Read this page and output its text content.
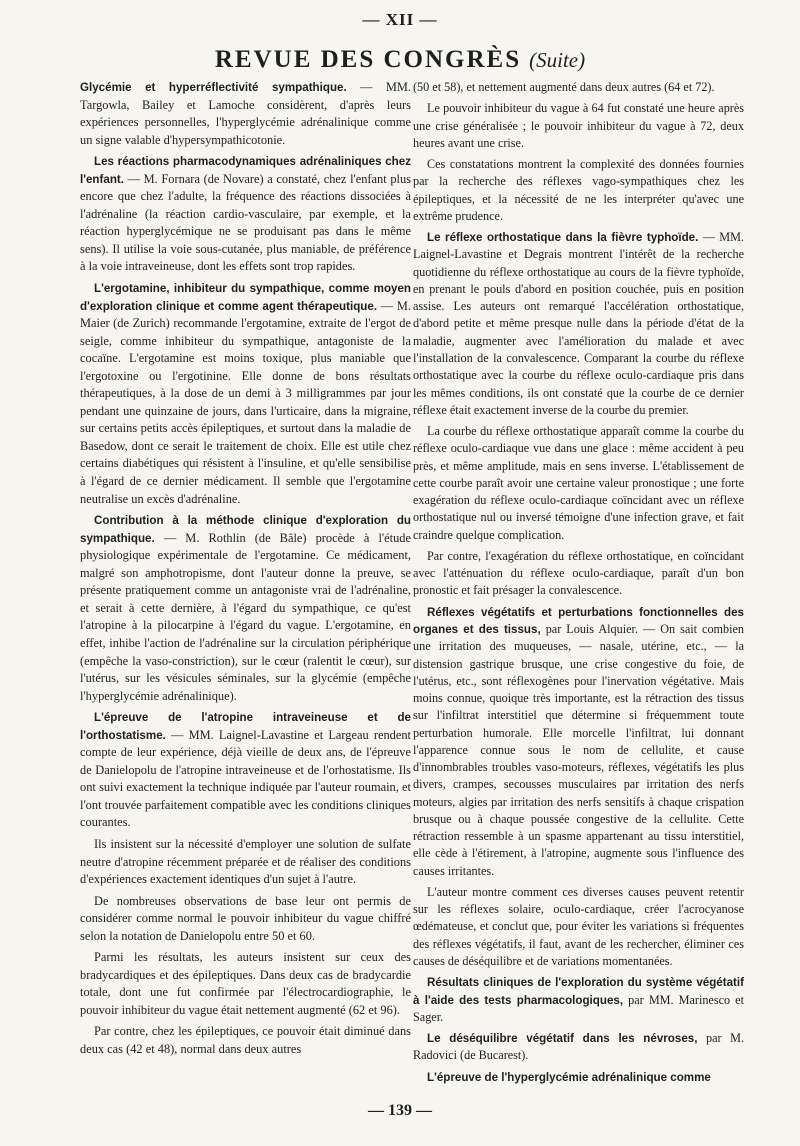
— XII —
REVUE DES CONGRÈS (Suite)

Glycémie et hyperréflectivité sympathique. — MM. Targowla, Bailey et Lamoche considèrent, d'après leurs expériences personnelles, l'hyperglycémie adrénalinique comme un signe valable d'hypersympathicotonie.

Les réactions pharmacodynamiques adrénaliniques chez l'enfant. — M. Fornara (de Novare) a constaté, chez l'enfant plus encore que chez l'adulte, la fréquence des réactions dissociées à l'adrénaline (la réaction cardio-vasculaire, par exemple, et la réaction hyperglycémique ne se produisant pas dans le même sens). Il utilise la voie sous-cutanée, plus maniable, de préférence à la voie intraveineuse, dont les effets sont trop rapides.

L'ergotamine, inhibiteur du sympathique, comme moyen d'exploration clinique et comme agent thérapeutique. — M. Maier (de Zurich) recommande l'ergotamine, extraite de l'ergot de seigle, comme inhibiteur du sympathique, antagoniste de la cocaïne. L'ergotamine est moins toxique, plus maniable que l'ergotoxine ou l'ergotinine. Elle donne de bons résultats thérapeutiques, à la dose de un demi à 3 milligrammes par jour pendant une quinzaine de jours, dans l'urticaire, dans la migraine, sur certains petits accès épileptiques, et surtout dans la maladie de Basedow, dont ce serait le traitement de choix. Elle est utile chez certains diabétiques qui résistent à l'insuline, et qu'elle sensibilise à l'égard de ce dernier médicament. Il semble que l'ergotamine neutralise un excès d'adrénaline.

Contribution à la méthode clinique d'exploration du sympathique. — M. Rothlin (de Bâle) procède à l'étude physiologique expérimentale de l'ergotamine. Ce médicament, malgré son amphotropisme, dont l'auteur donne la preuve, se présente pratiquement comme un antagoniste vrai de l'adrénaline, et serait à cette dernière, à l'égard du sympathique, ce qu'est l'atropine à la pilocarpine à l'égard du vague. L'ergotamine, en effet, inhibe l'action de l'adrénaline sur la circulation périphérique (empêche la vaso-constriction), sur le cœur (ralentit le cœur), sur l'utérus, sur les vésicules séminales, sur la glycémie (empêche l'hyperglycémie adrénalinique).

L'épreuve de l'atropine intraveineuse et de l'orthostatisme. — MM. Laignel-Lavastine et Largeau rendent compte de leur expérience, déjà vieille de deux ans, de l'épreuve de Danielopolu de l'atropine intraveineuse et de l'orhostatisme. Ils ont suivi exactement la technique indiquée par l'auteur roumain, et l'ont trouvée parfaitement compatible avec les conditions cliniques courantes.

Ils insistent sur la nécessité d'employer une solution de sulfate neutre d'atropine récemment préparée et de réaliser des conditions d'expériences exactement identiques d'un sujet à l'autre.

De nombreuses observations de base leur ont permis de considérer comme normal le pouvoir inhibiteur du vague chiffré selon la notation de Danielopolu entre 50 et 60.

Parmi les résultats, les auteurs insistent sur ceux des bradycardiques et des épileptiques. Dans deux cas de bradycardie totale, dont une fut confirmée par l'électrocardiographie, le pouvoir inhibiteur du vague était nettement augmenté (62 et 96).

Par contre, chez les épileptiques, ce pouvoir était diminué dans deux cas (42 et 48), normal dans deux autres

(50 et 58), et nettement augmenté dans deux autres (64 et 72).

Le pouvoir inhibiteur du vague à 64 fut constaté une heure après une crise généralisée ; le pouvoir inhibiteur du vague à 72, deux heures avant une crise.

Ces constatations montrent la complexité des données fournies par la recherche des réflexes vago-sympathiques chez les épileptiques, et la nécessité de ne les interpréter qu'avec une extrême prudence.

Le réflexe orthostatique dans la fièvre typhoïde. — MM. Laignel-Lavastine et Degrais montrent l'intérêt de la recherche quotidienne du réflexe orthostatique au cours de la fièvre typhoïde, en prenant le pouls d'abord en position couchée, puis en position assise. Les auteurs ont remarqué l'accélération orthostatique, d'abord petite et même presque nulle dans la période d'état de la maladie, augmenter avec l'amélioration du malade et avec l'installation de la convalescence. Comparant la courbe du réflexe orthostatique avec la courbe du réflexe oculo-cardiaque pris dans les mêmes conditions, ils ont constaté que la courbe de ce dernier réflexe était exactement inverse de la courbe du premier.

La courbe du réflexe orthostatique apparaît comme la courbe du réflexe oculo-cardiaque vue dans une glace : même accident à peu près, et même amplitude, mais en sens inverse. L'établissement de cette courbe paraît avoir une certaine valeur pronostique ; une forte exagération du réflexe oculo-cardiaque coïncidant avec un réflexe orthostatique nul ou inversé témoigne d'une infection grave, et fait craindre quelque complication.

Par contre, l'exagération du réflexe orthostatique, en coïncidant avec l'atténuation du réflexe oculo-cardiaque, paraît d'un bon pronostic et fait présager la convalescence.

Réflexes végétatifs et perturbations fonctionnelles des organes et des tissus, par Louis Alquier. — On sait combien une irritation des muqueuses, — nasale, utérine, etc., — la distension gastrique brusque, une crise congestive du foie, de l'utérus, etc., sont réflexogènes pour l'inervation végétative. Mais moins connue, quoique très importante, est la rétraction des tissus sur l'infiltrat interstitiel que détermine si fréquemment toute perturbation humorale. Elle morcelle l'infiltrat, lui donnant l'apparence connue sous le nom de cellulite, et cause d'innombrables troubles vaso-moteurs, réflexes, végétatifs les plus divers, crampes, secousses musculaires par irritation des nerfs moteurs, algies par irritation des nerfs sensitifs à chaque crispation brusque ou à chaque poussée congestive de la cellulite. Cette rétraction ressemble à un spasme appartenant au tissu interstitiel, elle cède à l'étirement, à l'atropine, augmente sous l'influence des causes irritantes.

L'auteur montre comment ces diverses causes peuvent retentir sur les réflexes solaire, oculo-cardiaque, créer l'acrocyanose œdémateuse, et conclut que, pour éviter les variations si fréquentes des réflexes végétatifs, il faut, avant de les rechercher, éliminer ces causes de déséquilibre et de variations momentanées.

Résultats cliniques de l'exploration du système végétatif à l'aide des tests pharmacologiques, par MM. Marinesco et Sager.

Le déséquilibre végétatif dans les névroses, par M. Radovici (de Bucarest).

L'épreuve de l'hyperglycémie adrénalinique comme

— 139 —
